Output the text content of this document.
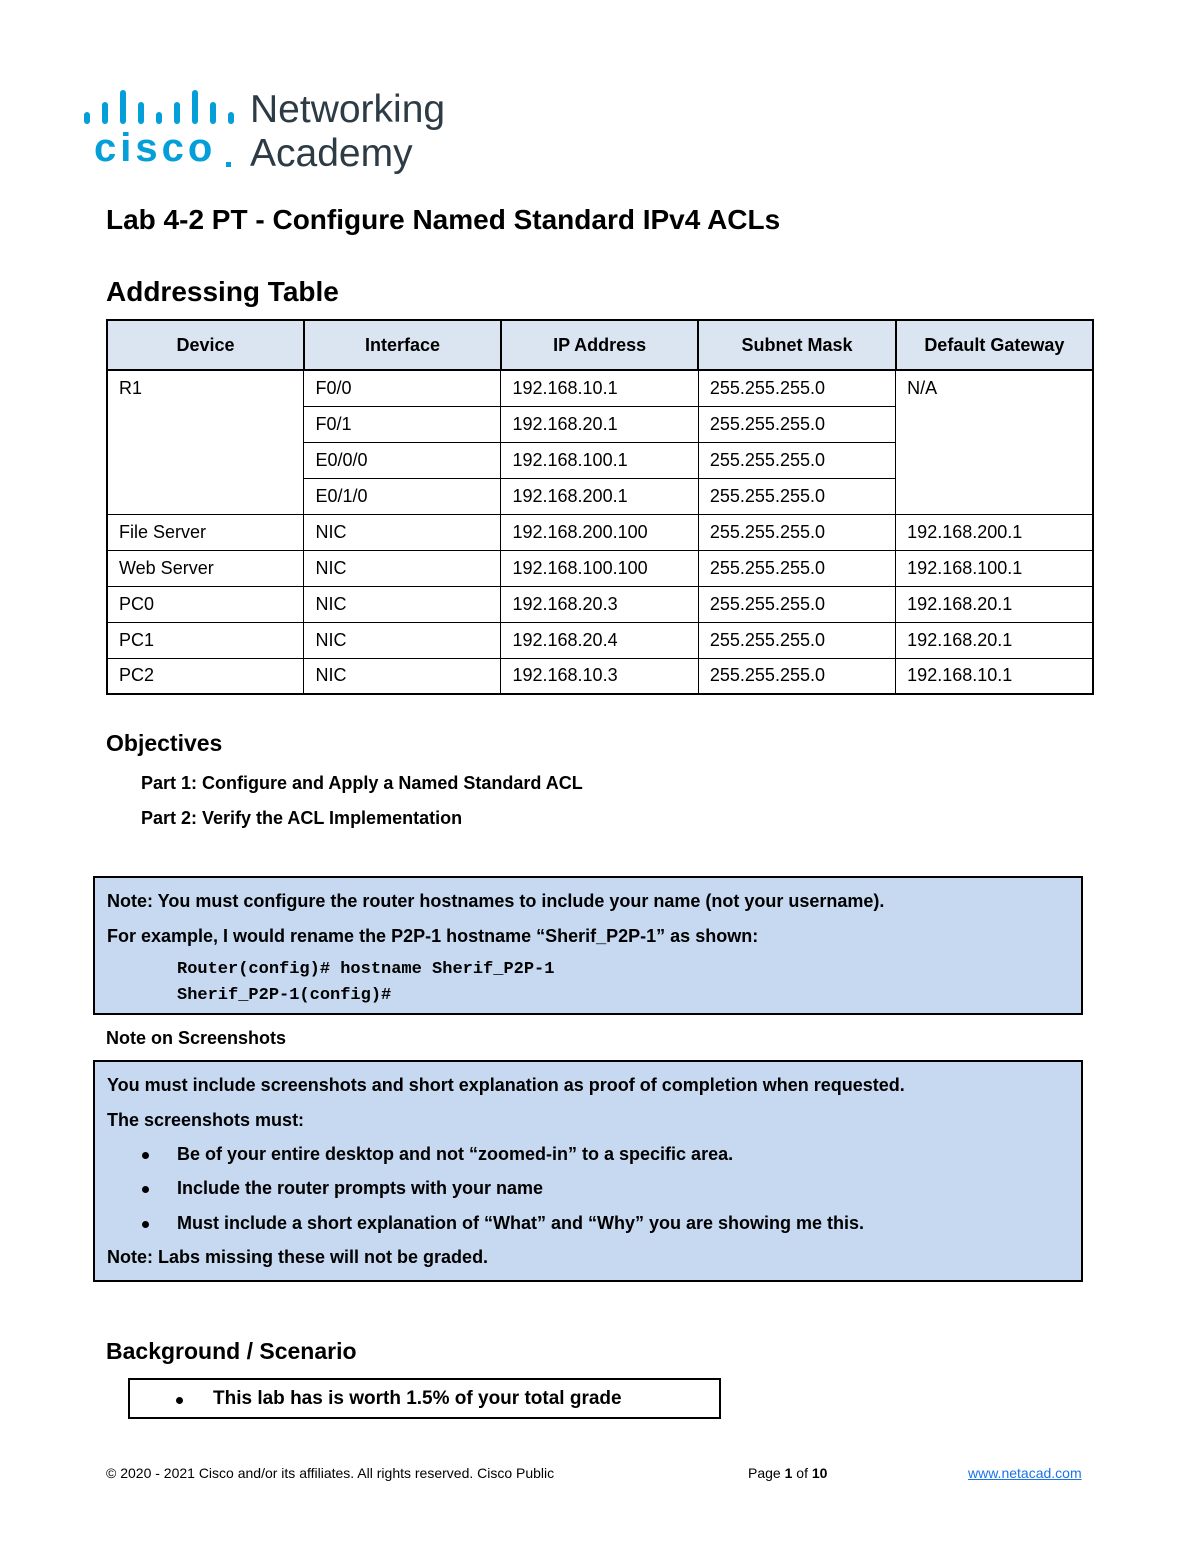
cisco
Networking
Academy
Lab 4-2 PT - Configure Named Standard IPv4 ACLs
Addressing Table
Device	Interface	IP Address	Subnet Mask	Default Gateway
R1	F0/0	192.168.10.1	255.255.255.0	N/A
	F0/1	192.168.20.1	255.255.255.0	
	E0/0/0	192.168.100.1	255.255.255.0	
	E0/1/0	192.168.200.1	255.255.255.0	
File Server	NIC	192.168.200.100	255.255.255.0	192.168.200.1
Web Server	NIC	192.168.100.100	255.255.255.0	192.168.100.1
PC0	NIC	192.168.20.3	255.255.255.0	192.168.20.1
PC1	NIC	192.168.20.4	255.255.255.0	192.168.20.1
PC2	NIC	192.168.10.3	255.255.255.0	192.168.10.1
Objectives
Part 1: Configure and Apply a Named Standard ACL
Part 2: Verify the ACL Implementation
Note: You must configure the router hostnames to include your name (not your username).
For example, I would rename the P2P-1 hostname “Sherif_P2P-1” as shown:
Router(config)# hostname Sherif_P2P-1
Sherif_P2P-1(config)#
Note on Screenshots
You must include screenshots and short explanation as proof of completion when requested.
The screenshots must:
Be of your entire desktop and not “zoomed-in” to a specific area.
Include the router prompts with your name
Must include a short explanation of “What” and “Why” you are showing me this.
Note: Labs missing these will not be graded.
Background / Scenario
This lab has is worth 1.5% of your total grade
© 2020 - 2021 Cisco and/or its affiliates. All rights reserved. Cisco Public	Page 1 of 10	www.netacad.com
